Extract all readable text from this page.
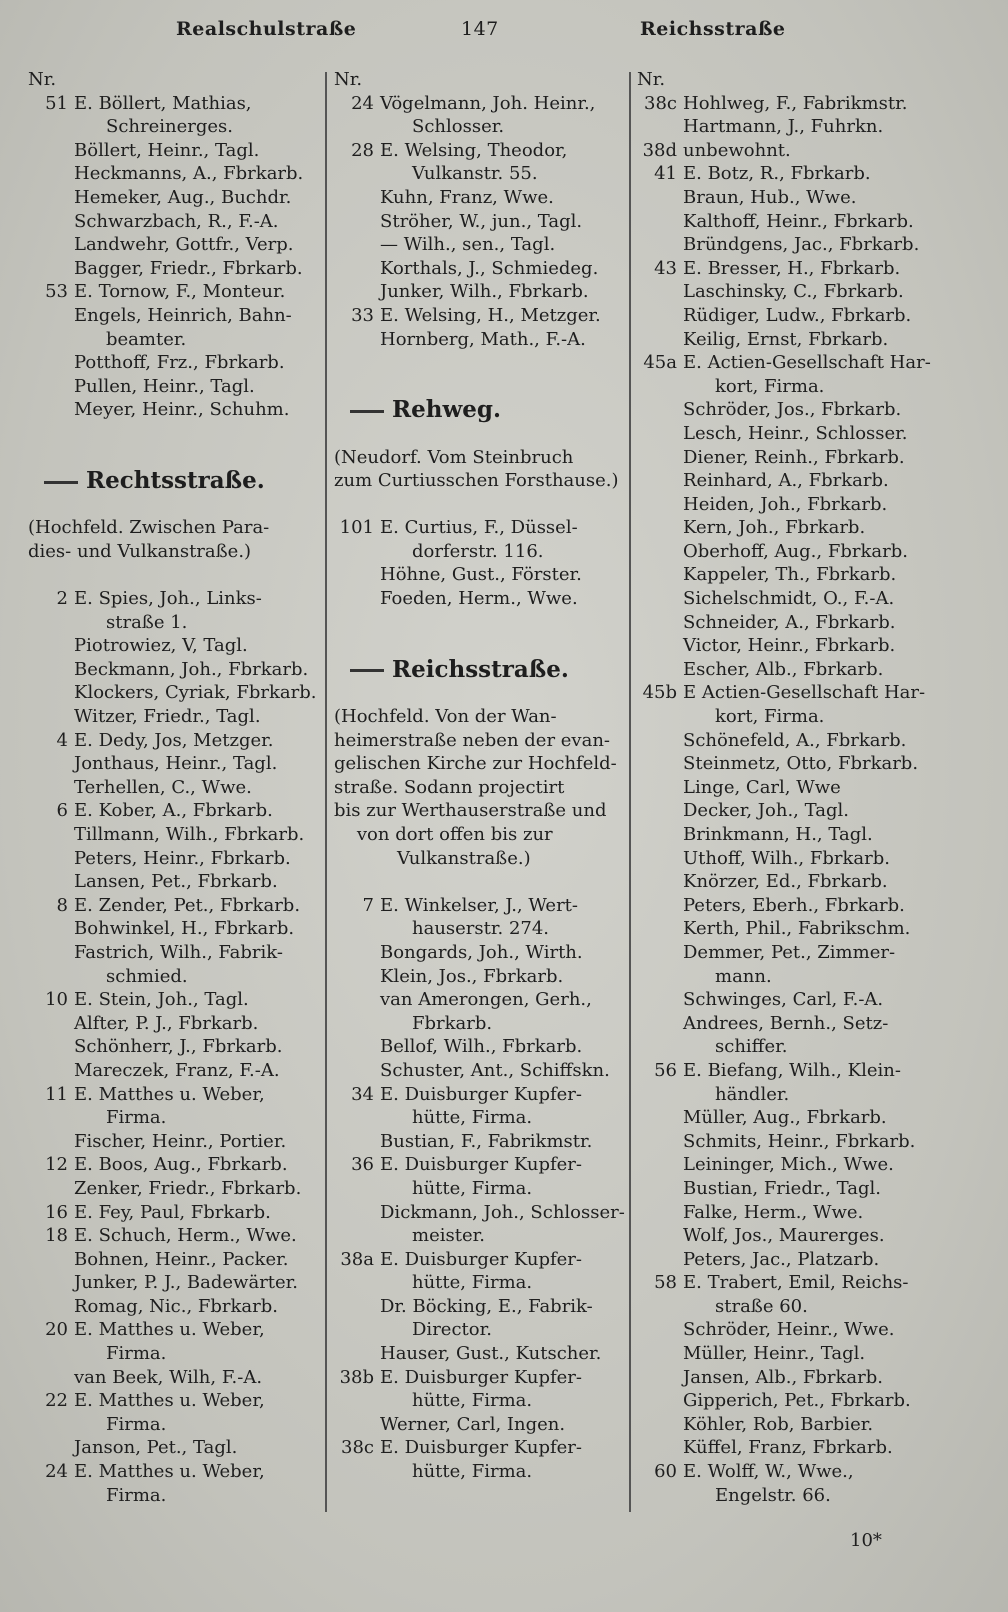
Realschulstraße	147	Reichsstraße
Nr.
51 E. Böllert, Mathias,
Schreinerges.
Böllert, Heinr., Tagl.
Heckmanns, A., Fbrkarb.
Hemeker, Aug., Buchdr.
Schwarzbach, R., F.-A.
Landwehr, Gottfr., Verp.
Bagger, Friedr., Fbrkarb.
53 E. Tornow, F., Monteur.
Engels, Heinrich, Bahn-
beamter.
Potthoff, Frz., Fbrkarb.
Pullen, Heinr., Tagl.
Meyer, Heinr., Schuhm.
Rechtsstraße.
(Hochfeld. Zwischen Para-
dies- und Vulkanstraße.)
2 E. Spies, Joh., Links-
straße 1.
Piotrowiez, V, Tagl.
Beckmann, Joh., Fbrkarb.
Klockers, Cyriak, Fbrkarb.
Witzer, Friedr., Tagl.
4 E. Dedy, Jos, Metzger.
Jonthaus, Heinr., Tagl.
Terhellen, C., Wwe.
6 E. Kober, A., Fbrkarb.
Tillmann, Wilh., Fbrkarb.
Peters, Heinr., Fbrkarb.
Lansen, Pet., Fbrkarb.
8 E. Zender, Pet., Fbrkarb.
Bohwinkel, H., Fbrkarb.
Fastrich, Wilh., Fabrik-
schmied.
10 E. Stein, Joh., Tagl.
Alfter, P. J., Fbrkarb.
Schönherr, J., Fbrkarb.
Mareczek, Franz, F.-A.
11 E. Matthes u. Weber,
Firma.
Fischer, Heinr., Portier.
12 E. Boos, Aug., Fbrkarb.
Zenker, Friedr., Fbrkarb.
16 E. Fey, Paul, Fbrkarb.
18 E. Schuch, Herm., Wwe.
Bohnen, Heinr., Packer.
Junker, P. J., Badewärter.
Romag, Nic., Fbrkarb.
20 E. Matthes u. Weber,
Firma.
van Beek, Wilh, F.-A.
22 E. Matthes u. Weber,
Firma.
Janson, Pet., Tagl.
24 E. Matthes u. Weber,
Firma.
Nr.
24 Vögelmann, Joh. Heinr.,
Schlosser.
28 E. Welsing, Theodor,
Vulkanstr. 55.
Kuhn, Franz, Wwe.
Ströher, W., jun., Tagl.
— Wilh., sen., Tagl.
Korthals, J., Schmiedeg.
Junker, Wilh., Fbrkarb.
33 E. Welsing, H., Metzger.
Hornberg, Math., F.-A.
Rehweg.
(Neudorf. Vom Steinbruch
zum Curtiusschen Forsthause.)
101 E. Curtius, F., Düssel-
dorferstr. 116.
Höhne, Gust., Förster.
Foeden, Herm., Wwe.
Reichsstraße.
(Hochfeld. Von der Wan-
heimerstraße neben der evan-
gelischen Kirche zur Hochfeld-
straße. Sodann projectirt
bis zur Werthauserstraße und
von dort offen bis zur
Vulkanstraße.)
7 E. Winkelser, J., Wert-
hauserstr. 274.
Bongards, Joh., Wirth.
Klein, Jos., Fbrkarb.
van Amerongen, Gerh.,
Fbrkarb.
Bellof, Wilh., Fbrkarb.
Schuster, Ant., Schiffskn.
34 E. Duisburger Kupfer-
hütte, Firma.
Bustian, F., Fabrikmstr.
36 E. Duisburger Kupfer-
hütte, Firma.
Dickmann, Joh., Schlosser-
meister.
38a E. Duisburger Kupfer-
hütte, Firma.
Dr. Böcking, E., Fabrik-
Director.
Hauser, Gust., Kutscher.
38b E. Duisburger Kupfer-
hütte, Firma.
Werner, Carl, Ingen.
38c E. Duisburger Kupfer-
hütte, Firma.
Nr.
38c Hohlweg, F., Fabrikmstr.
Hartmann, J., Fuhrkn.
38d unbewohnt.
41 E. Botz, R., Fbrkarb.
Braun, Hub., Wwe.
Kalthoff, Heinr., Fbrkarb.
Bründgens, Jac., Fbrkarb.
43 E. Bresser, H., Fbrkarb.
Laschinsky, C., Fbrkarb.
Rüdiger, Ludw., Fbrkarb.
Keilig, Ernst, Fbrkarb.
45a E. Actien-Gesellschaft Har-
kort, Firma.
Schröder, Jos., Fbrkarb.
Lesch, Heinr., Schlosser.
Diener, Reinh., Fbrkarb.
Reinhard, A., Fbrkarb.
Heiden, Joh., Fbrkarb.
Kern, Joh., Fbrkarb.
Oberhoff, Aug., Fbrkarb.
Kappeler, Th., Fbrkarb.
Sichelschmidt, O., F.-A.
Schneider, A., Fbrkarb.
Victor, Heinr., Fbrkarb.
Escher, Alb., Fbrkarb.
45b E Actien-Gesellschaft Har-
kort, Firma.
Schönefeld, A., Fbrkarb.
Steinmetz, Otto, Fbrkarb.
Linge, Carl, Wwe
Decker, Joh., Tagl.
Brinkmann, H., Tagl.
Uthoff, Wilh., Fbrkarb.
Knörzer, Ed., Fbrkarb.
Peters, Eberh., Fbrkarb.
Kerth, Phil., Fabrikschm.
Demmer, Pet., Zimmer-
mann.
Schwinges, Carl, F.-A.
Andrees, Bernh., Setz-
schiffer.
56 E. Biefang, Wilh., Klein-
händler.
Müller, Aug., Fbrkarb.
Schmits, Heinr., Fbrkarb.
Leininger, Mich., Wwe.
Bustian, Friedr., Tagl.
Falke, Herm., Wwe.
Wolf, Jos., Maurerges.
Peters, Jac., Platzarb.
58 E. Trabert, Emil, Reichs-
straße 60.
Schröder, Heinr., Wwe.
Müller, Heinr., Tagl.
Jansen, Alb., Fbrkarb.
Gipperich, Pet., Fbrkarb.
Köhler, Rob, Barbier.
Küffel, Franz, Fbrkarb.
60 E. Wolff, W., Wwe.,
Engelstr. 66.
10*
